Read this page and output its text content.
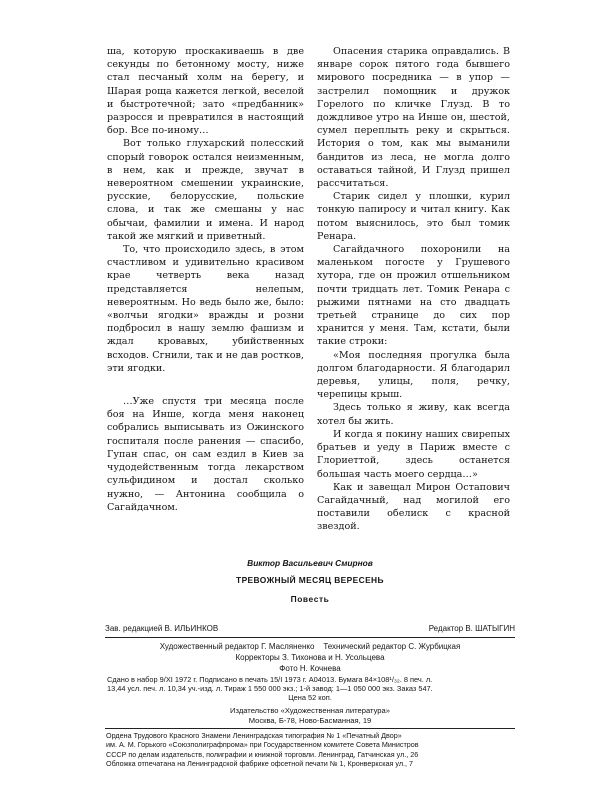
ша, которую проскакиваешь в две секунды по бетонному мосту, ниже стал песчаный холм на берегу, и Шарая роща кажется легкой, веселой и быстротечной; зато «предбанник» разросся и превратился в настоящий бор. Все по-иному…

Вот только глухарский полесский спорый говорок остался неизменным, в нем, как и прежде, звучат в невероятном смешении украинские, русские, белорусские, польские слова, и так же смешаны у нас обычаи, фамилии и имена. И народ такой же мягкий и приветный.

То, что происходило здесь, в этом счастливом и удивительно красивом крае четверть века назад представляется нелепым, невероятным. Но ведь было же, было: «волчьи ягодки» вражды и розни подбросил в нашу землю фашизм и ждал кровавых, убийственных всходов. Сгнили, так и не дав ростков, эти ягодки.

…Уже спустя три месяца после боя на Инше, когда меня наконец собрались выписывать из Ожинского госпиталя после ранения — спасибо, Гупан спас, он сам ездил в Киев за чудодейственным тогда лекарством сульфидином и достал сколько нужно, — Антонина сообщила о Сагайдачном.

Опасения старика оправдались. В январе сорок пятого года бывшего мирового посредника — в упор — застрелил помощник и дружок Горелого по кличке Глузд. В то дождливое утро на Инше он, шестой, сумел переплыть реку и скрыться. История о том, как мы выманили бандитов из леса, не могла долго оставаться тайной, И Глузд пришел рассчитаться.

Старик сидел у плошки, курил тонкую папиросу и читал книгу. Как потом выяснилось, это был томик Ренара.

Сагайдачного похоронили на маленьком погосте у Грушевого хутора, где он прожил отшельником почти тридцать лет. Томик Ренара с рыжими пятнами на сто двадцать третьей странице до сих пор хранится у меня. Там, кстати, были такие строки:

«Моя последняя прогулка была долгом благодарности. Я благодарил деревья, улицы, поля, речку, черепицы крыш.

Здесь только я живу, как всегда хотел бы жить.

И когда я покину наших свирепых братьев и уеду в Париж вместе с Глориеттой, здесь останется большая часть моего сердца…»

Как и завещал Мирон Остапович Сагайдачный, над могилой его поставили обелиск с красной звездой.

Виктор Васильевич Смирнов
ТРЕВОЖНЫЙ МЕСЯЦ ВЕРЕСЕНЬ
Повесть
Зав. редакцией В. ИЛЬИНКОВ	Редактор В. ШАТЫГИН
Художественный редактор Г. Масляненко Технический редактор С. Журбицкая
Корректоры З. Тихонова и Н. Усольцева
Фото Н. Кочнева
Сдано в набор 9/XI 1972 г. Подписано в печать 15/I 1973 г. А04013. Бумага 84×108¹/₃₂. 8 печ. л.
13,44 усл. печ. л. 10,34 уч.-изд. л. Тираж 1 550 000 экз.; 1-й завод: 1—1 050 000 экз. Заказ 547.
Цена 52 коп.
Издательство «Художественная литература»
Москва, Б-78, Ново-Басманная, 19
Ордена Трудового Красного Знамени Ленинградская типография № 1 «Печатный Двор»
им. А. М. Горького «Союзполиграфпрома» при Государственном комитете Совета Министров
СССР по делам издательств, полиграфии и книжной торговли. Ленинград, Гатчинская ул., 26
Обложка отпечатана на Ленинградской фабрике офсетной печати № 1, Кронверкская ул., 7
